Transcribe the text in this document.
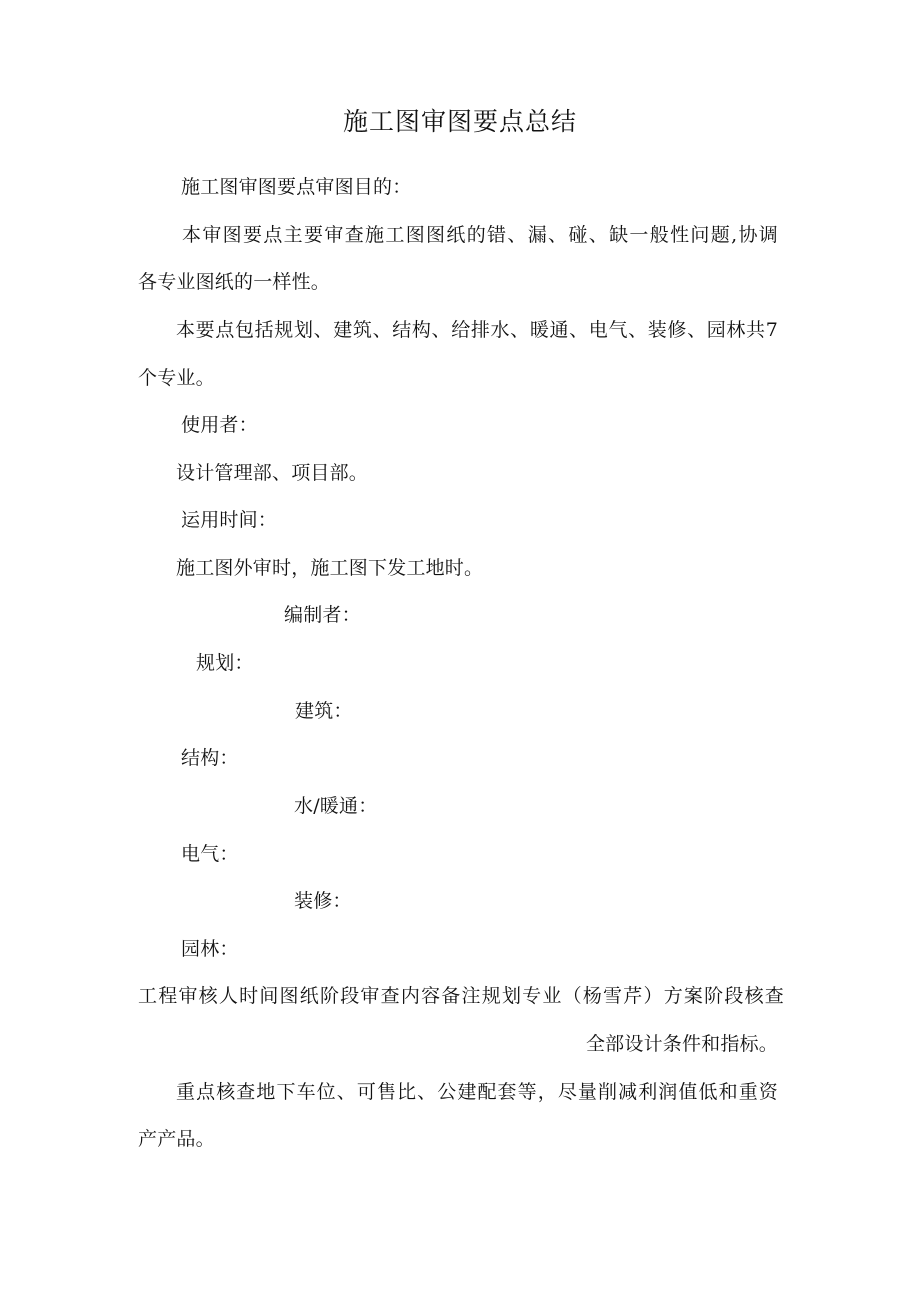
施工图审图要点总结
施工图审图要点审图目的：
本审图要点主要审查施工图图纸的错、漏、碰、缺一般性问题,协调
各专业图纸的一样性。
本要点包括规划、建筑、结构、给排水、暖通、电气、装修、园林共7
个专业。
使用者：
设计管理部、项目部。
运用时间：
施工图外审时，施工图下发工地时。
编制者：
规划：
建筑：
结构：
水/暖通：
电气：
装修：
园林：
工程审核人时间图纸阶段审查内容备注规划专业（杨雪芹）方案阶段核查
全部设计条件和指标。
重点核查地下车位、可售比、公建配套等，尽量削减利润值低和重资
产产品。
